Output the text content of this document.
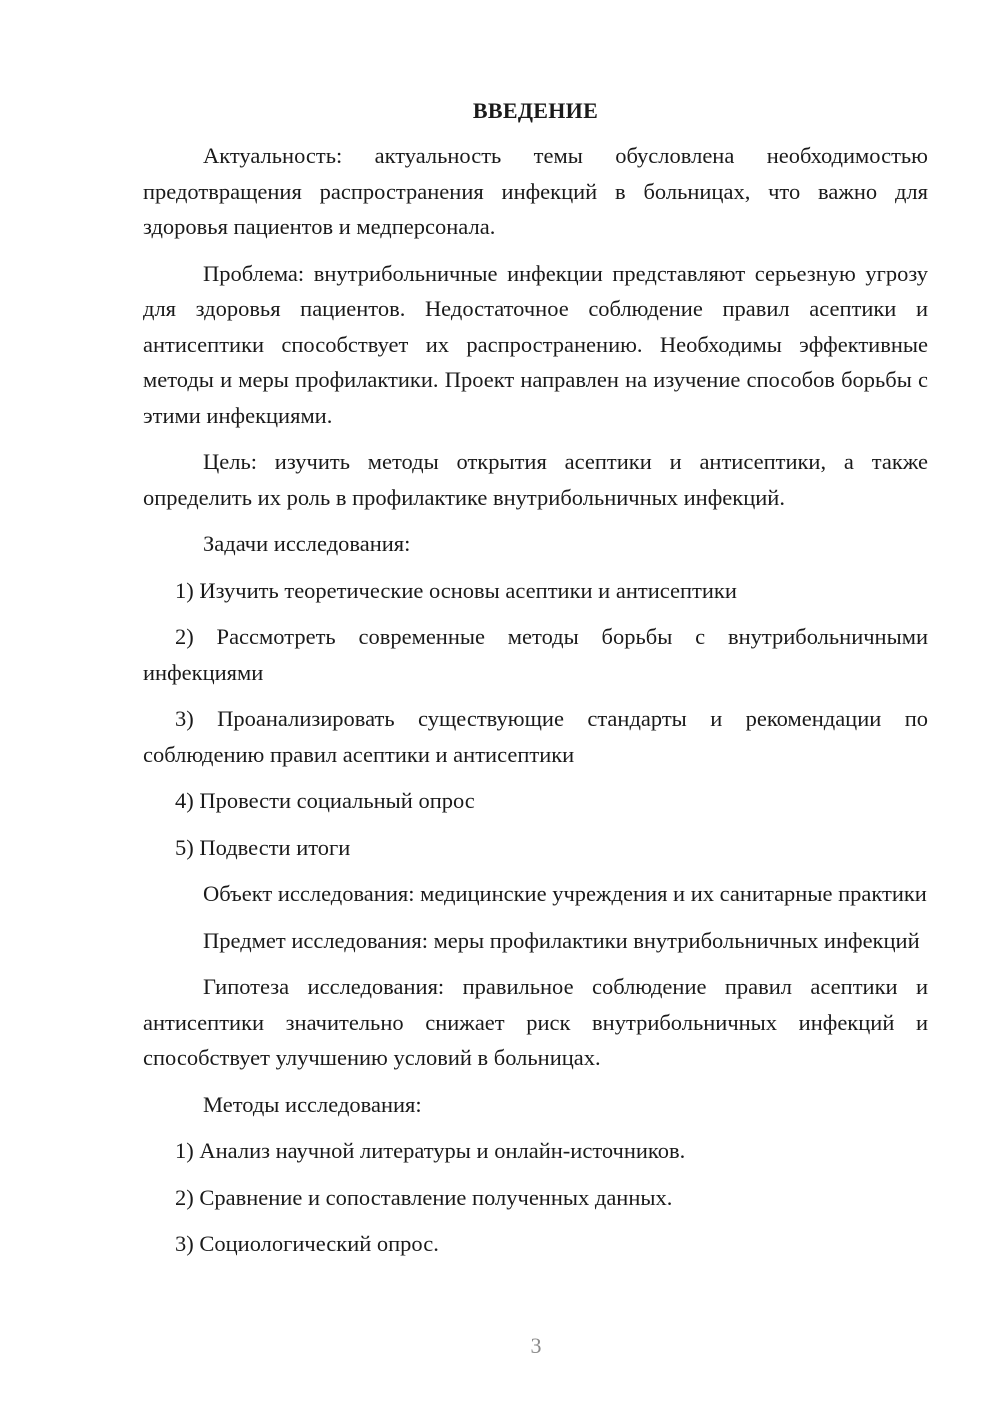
ВВЕДЕНИЕ

Актуальность: актуальность темы обусловлена необходимостью предотвращения распространения инфекций в больницах, что важно для здоровья пациентов и медперсонала.

Проблема: внутрибольничные инфекции представляют серьезную угрозу для здоровья пациентов. Недостаточное соблюдение правил асептики и антисептики способствует их распространению. Необходимы эффективные методы и меры профилактики. Проект направлен на изучение способов борьбы с этими инфекциями.

Цель: изучить методы открытия асептики и антисептики, а также определить их роль в профилактике внутрибольничных инфекций.

Задачи исследования:

1) Изучить теоретические основы асептики и антисептики

2) Рассмотреть современные методы борьбы с внутрибольничными инфекциями

3) Проанализировать существующие стандарты и рекомендации по соблюдению правил асептики и антисептики

4) Провести социальный опрос

5) Подвести итоги

Объект исследования: медицинские учреждения и их санитарные практики

Предмет исследования: меры профилактики внутрибольничных инфекций

Гипотеза исследования: правильное соблюдение правил асептики и антисептики значительно снижает риск внутрибольничных инфекций и способствует улучшению условий в больницах.

Методы исследования:

1) Анализ научной литературы и онлайн-источников.

2) Сравнение и сопоставление полученных данных.

3) Социологический опрос.

3
